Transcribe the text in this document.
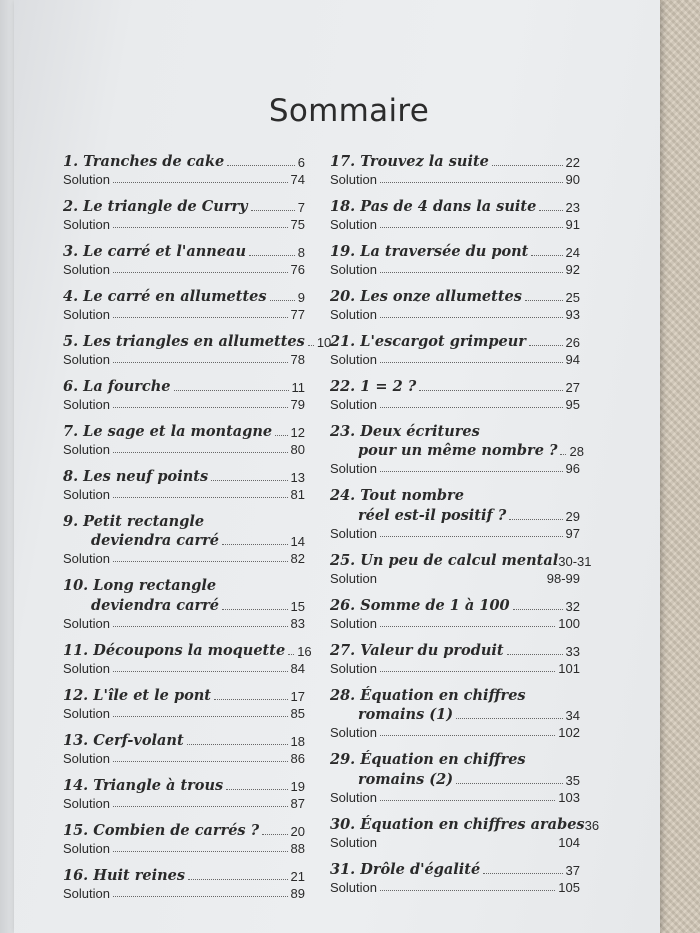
Sommaire
1. Tranches de cake	6
Solution	74
2. Le triangle de Curry	7
Solution	75
3. Le carré et l'anneau	8
Solution	76
4. Le carré en allumettes 9
Solution	77
5. Les triangles en allumettes 10
Solution	78
6. La fourche	11
Solution	79
7. Le sage et la montagne 12
Solution	80
8. Les neuf points	13
Solution	81
9. Petit rectangle
deviendra carré	14
Solution	82
10. Long rectangle
deviendra carré	15
Solution	83
11. Découpons la moquette 16
Solution	84
12. L'île et le pont	17
Solution	85
13. Cerf-volant	18
Solution	86
14. Triangle à trous	19
Solution	87
15. Combien de carrés ? 20
Solution	88
16. Huit reines	21
Solution	89
17. Trouvez la suite	22
Solution	90
18. Pas de 4 dans la suite 23
Solution	91
19. La traversée du pont	24
Solution	92
20. Les onze allumettes	25
Solution	93
21. L'escargot grimpeur	26
Solution	94
22. 1 = 2 ?	27
Solution	95
23. Deux écritures
pour un même nombre ? 28
Solution	96
24. Tout nombre
réel est-il positif ?	29
Solution	97
25. Un peu de calcul mental 30-31
Solution	98-99
26. Somme de 1 à 100	32
Solution	100
27. Valeur du produit	33
Solution	101
28. Équation en chiffres
romains (1)	34
Solution	102
29. Équation en chiffres
romains (2)	35
Solution	103
30. Équation en chiffres arabes 36
Solution	104
31. Drôle d'égalité	37
Solution	105
